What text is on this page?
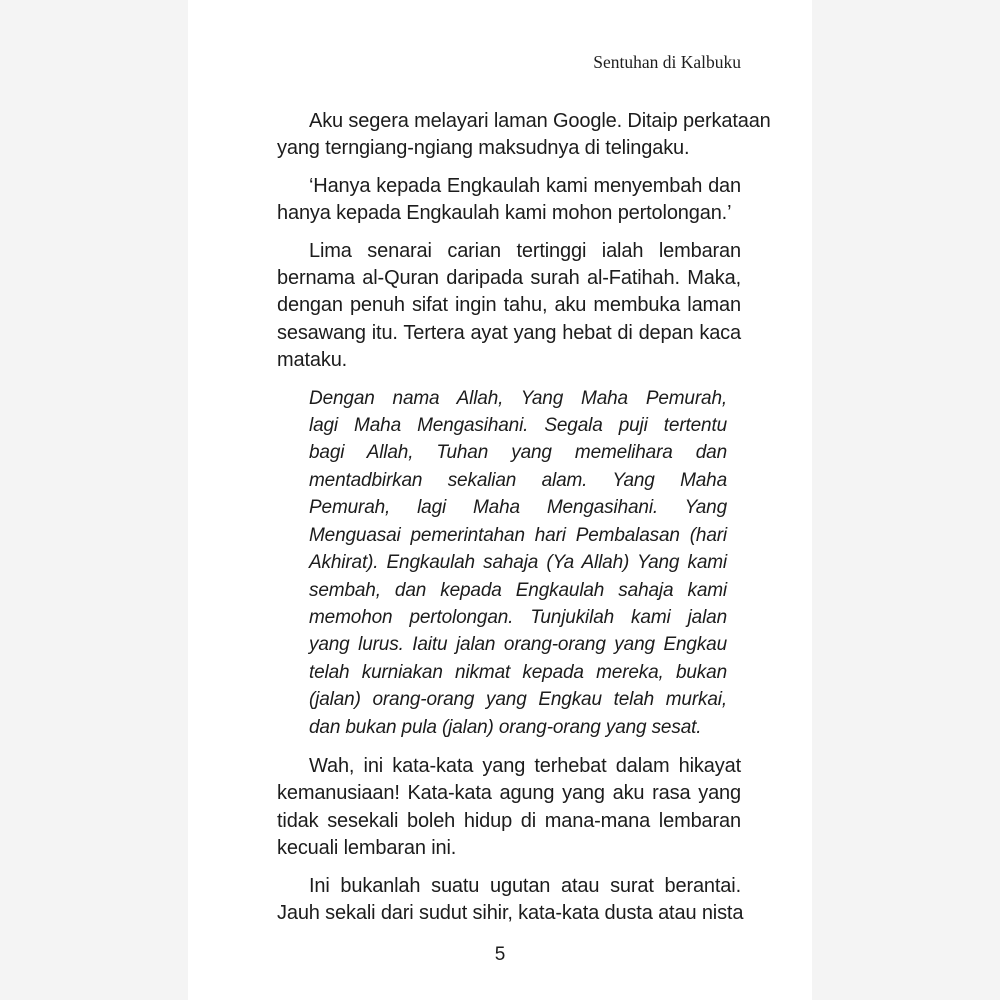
Sentuhan di Kalbuku
Aku segera melayari laman Google. Ditaip perkataan
yang terngiang-ngiang maksudnya di telingaku.
‘Hanya kepada Engkaulah kami menyembah dan
hanya kepada Engkaulah kami mohon pertolongan.’
Lima senarai carian tertinggi ialah lembaran
bernama al-Quran daripada surah al-Fatihah. Maka,
dengan penuh sifat ingin tahu, aku membuka laman
sesawang itu. Tertera ayat yang hebat di depan kaca
mataku.
Dengan nama Allah, Yang Maha Pemurah,
lagi Maha Mengasihani. Segala puji tertentu
bagi Allah, Tuhan yang memelihara dan
mentadbirkan sekalian alam. Yang Maha
Pemurah, lagi Maha Mengasihani. Yang
Menguasai pemerintahan hari Pembalasan (hari
Akhirat). Engkaulah sahaja (Ya Allah) Yang kami
sembah, dan kepada Engkaulah sahaja kami
memohon pertolongan. Tunjukilah kami jalan
yang lurus. Iaitu jalan orang-orang yang Engkau
telah kurniakan nikmat kepada mereka, bukan
(jalan) orang-orang yang Engkau telah murkai,
dan bukan pula (jalan) orang-orang yang sesat.
Wah, ini kata-kata yang terhebat dalam hikayat
kemanusiaan! Kata-kata agung yang aku rasa yang
tidak sesekali boleh hidup di mana-mana lembaran
kecuali lembaran ini.
Ini bukanlah suatu ugutan atau surat berantai.
Jauh sekali dari sudut sihir, kata-kata dusta atau nista
5
